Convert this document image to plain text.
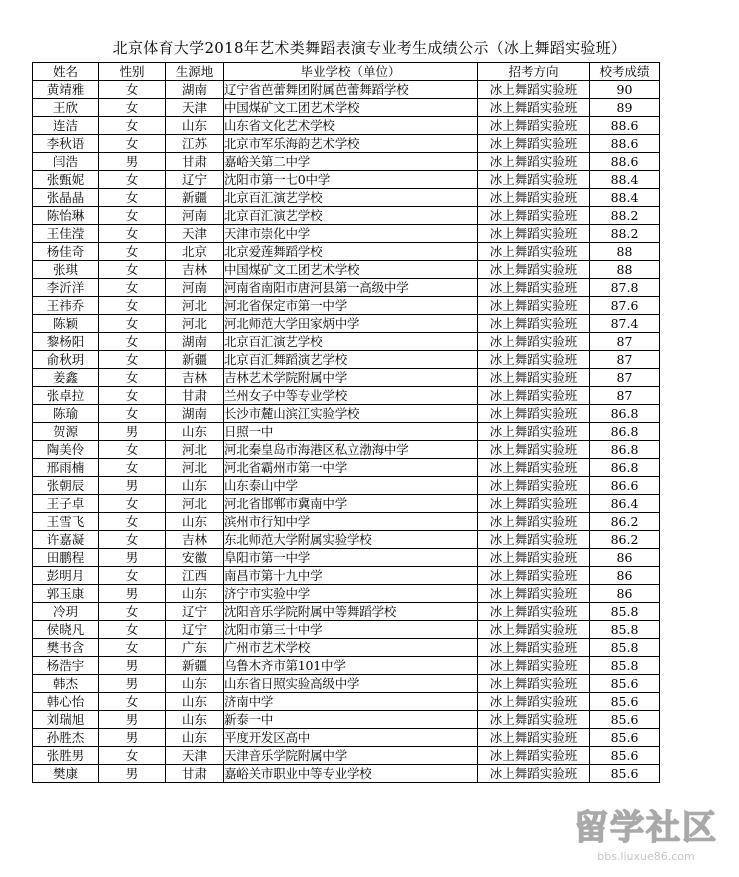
北京体育大学2018年艺术类舞蹈表演专业考生成绩公示（冰上舞蹈实验班）
姓名	性别	生源地	毕业学校（单位）	招考方向	校考成绩
黄靖雅	女	湖南	辽宁省芭蕾舞团附属芭蕾舞蹈学校	冰上舞蹈实验班	90
王欣	女	天津	中国煤矿文工团艺术学校	冰上舞蹈实验班	89
连洁	女	山东	山东省文化艺术学校	冰上舞蹈实验班	88.6
李秋语	女	江苏	北京市军乐海韵艺术学校	冰上舞蹈实验班	88.6
闫浩	男	甘肃	嘉峪关第二中学	冰上舞蹈实验班	88.6
张甄妮	女	辽宁	沈阳市第一七0中学	冰上舞蹈实验班	88.4
张晶晶	女	新疆	北京百汇演艺学校	冰上舞蹈实验班	88.4
陈怡琳	女	河南	北京百汇演艺学校	冰上舞蹈实验班	88.2
王佳滢	女	天津	天津市崇化中学	冰上舞蹈实验班	88.2
杨佳奇	女	北京	北京爱莲舞蹈学校	冰上舞蹈实验班	88
张琪	女	吉林	中国煤矿文工团艺术学校	冰上舞蹈实验班	88
李沂洋	女	河南	河南省南阳市唐河县第一高级中学	冰上舞蹈实验班	87.8
王祎乔	女	河北	河北省保定市第一中学	冰上舞蹈实验班	87.6
陈颖	女	河北	河北师范大学田家炳中学	冰上舞蹈实验班	87.4
黎杨阳	女	湖南	北京百汇演艺学校	冰上舞蹈实验班	87
俞秋玥	女	新疆	北京百汇舞蹈演艺学校	冰上舞蹈实验班	87
姜鑫	女	吉林	吉林艺术学院附属中学	冰上舞蹈实验班	87
张卓拉	女	甘肃	兰州女子中等专业学校	冰上舞蹈实验班	87
陈瑜	女	湖南	长沙市麓山滨江实验学校	冰上舞蹈实验班	86.8
贺源	男	山东	日照一中	冰上舞蹈实验班	86.8
陶美伶	女	河北	河北秦皇岛市海港区私立渤海中学	冰上舞蹈实验班	86.8
邢雨楠	女	河北	河北省霸州市第一中学	冰上舞蹈实验班	86.8
张朝辰	男	山东	山东泰山中学	冰上舞蹈实验班	86.6
王子卓	女	河北	河北省邯郸市冀南中学	冰上舞蹈实验班	86.4
王雪飞	女	山东	滨州市行知中学	冰上舞蹈实验班	86.2
许嘉凝	女	吉林	东北师范大学附属实验学校	冰上舞蹈实验班	86.2
田鹏程	男	安徽	阜阳市第一中学	冰上舞蹈实验班	86
彭明月	女	江西	南昌市第十九中学	冰上舞蹈实验班	86
郭玉康	男	山东	济宁市实验中学	冰上舞蹈实验班	86
冷玥	女	辽宁	沈阳音乐学院附属中等舞蹈学校	冰上舞蹈实验班	85.8
侯晓凡	女	辽宁	沈阳市第三十中学	冰上舞蹈实验班	85.8
樊书含	女	广东	广州市艺术学校	冰上舞蹈实验班	85.8
杨浩宇	男	新疆	乌鲁木齐市第101中学	冰上舞蹈实验班	85.8
韩杰	男	山东	山东省日照实验高级中学	冰上舞蹈实验班	85.6
韩心怡	女	山东	济南中学	冰上舞蹈实验班	85.6
刘瑞旭	男	山东	新泰一中	冰上舞蹈实验班	85.6
孙胜杰	男	山东	平度开发区高中	冰上舞蹈实验班	85.6
张胜男	女	天津	天津音乐学院附属中学	冰上舞蹈实验班	85.6
樊康	男	甘肃	嘉峪关市职业中等专业学校	冰上舞蹈实验班	85.6
留学社区
bbs.liuxue86.com
